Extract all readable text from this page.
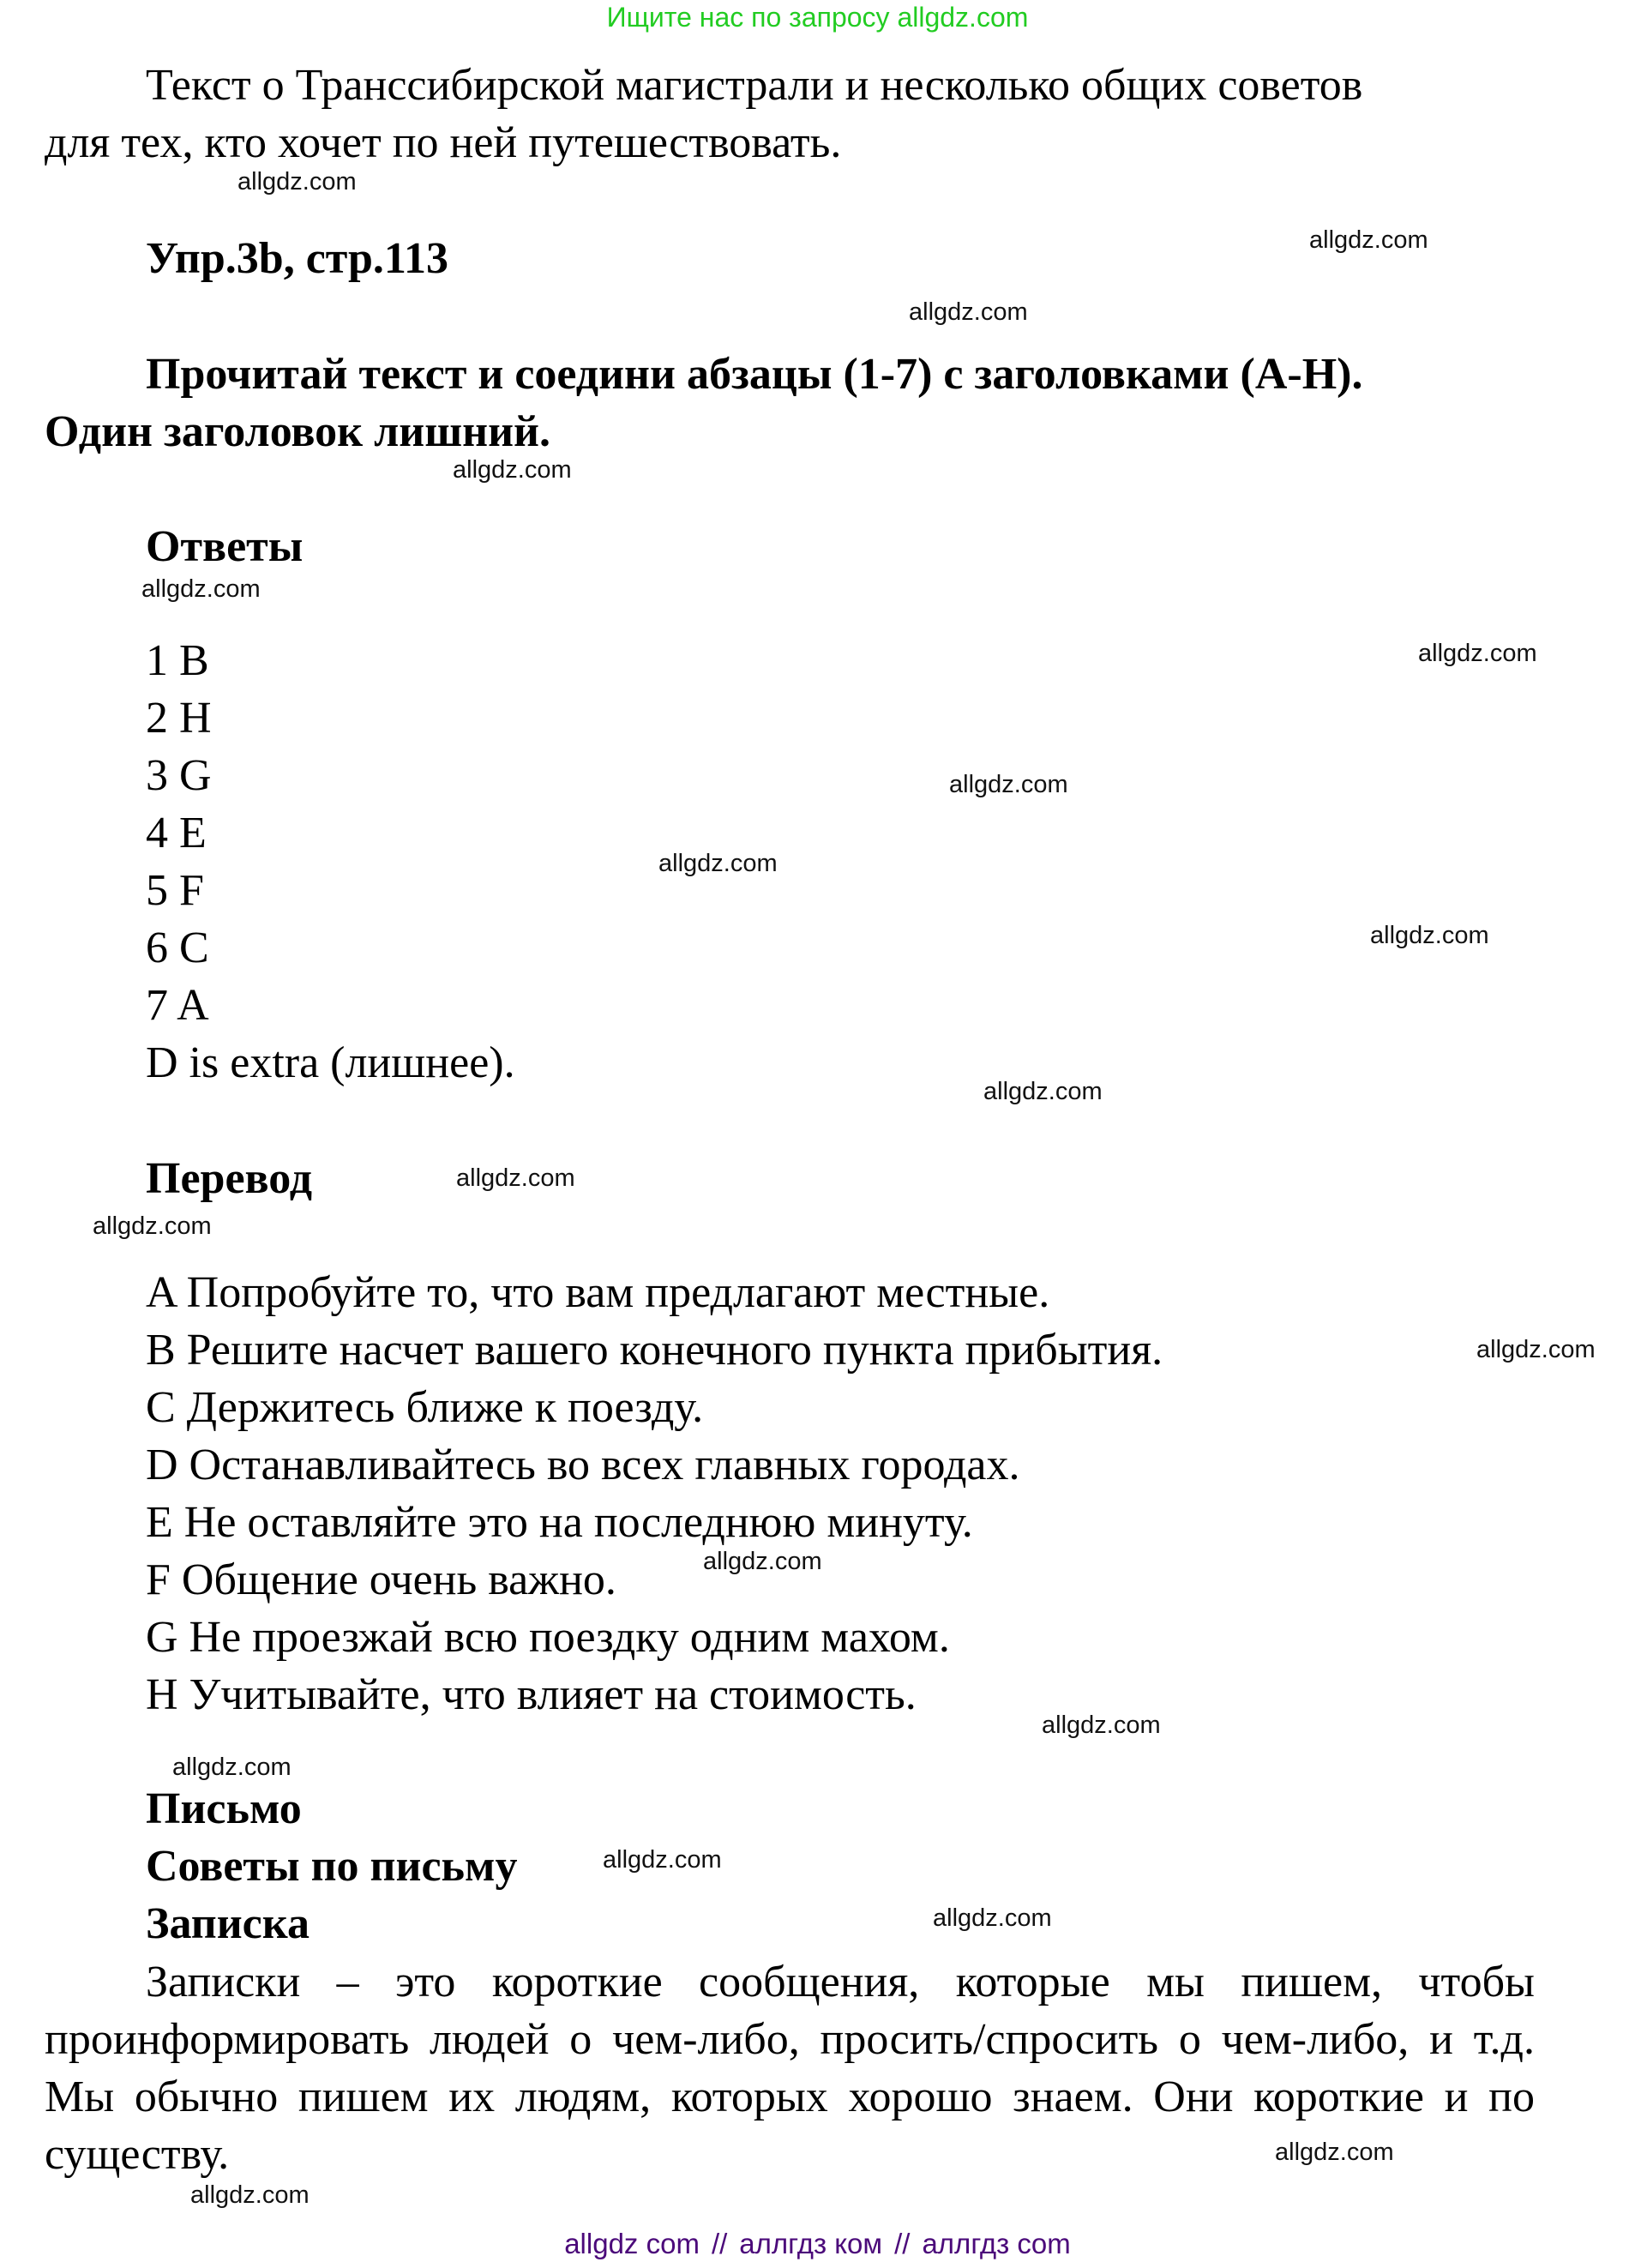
Ищите нас по запросу allgdz.com
Текст о Транссибирской магистрали и несколько общих советов
для тех, кто хочет по ней путешествовать.
Упр.3b, стр.113
Прочитай текст и соедини абзацы (1-7) с заголовками (A-H).
Один заголовок лишний.
Ответы
1 B
2 H
3 G
4 E
5 F
6 C
7 A
D is extra (лишнее).
Перевод
A Попробуйте то, что вам предлагают местные.
B Решите насчет вашего конечного пункта прибытия.
C Держитесь ближе к поезду.
D Останавливайтесь во всех главных городах.
E Не оставляйте это на последнюю минуту.
F Общение очень важно.
G Не проезжай всю поездку одним махом.
H Учитывайте, что влияет на стоимость.
Письмо
Советы по письму
Записка
Записки – это короткие сообщения, которые мы пишем, чтобы проинформировать людей о чем-либо, просить/спросить о чем-либо, и т.д. Мы обычно пишем их людям, которых хорошо знаем. Они короткие и по существу.
allgdz.com
allgdz.com
allgdz.com
allgdz.com
allgdz.com
allgdz.com
allgdz.com
allgdz.com
allgdz.com
allgdz.com
allgdz.com
allgdz.com
allgdz.com
allgdz.com
allgdz.com
allgdz.com
allgdz.com
allgdz.com
allgdz.com
allgdz.com
allgdz com // аллгдз ком // аллгдз com
